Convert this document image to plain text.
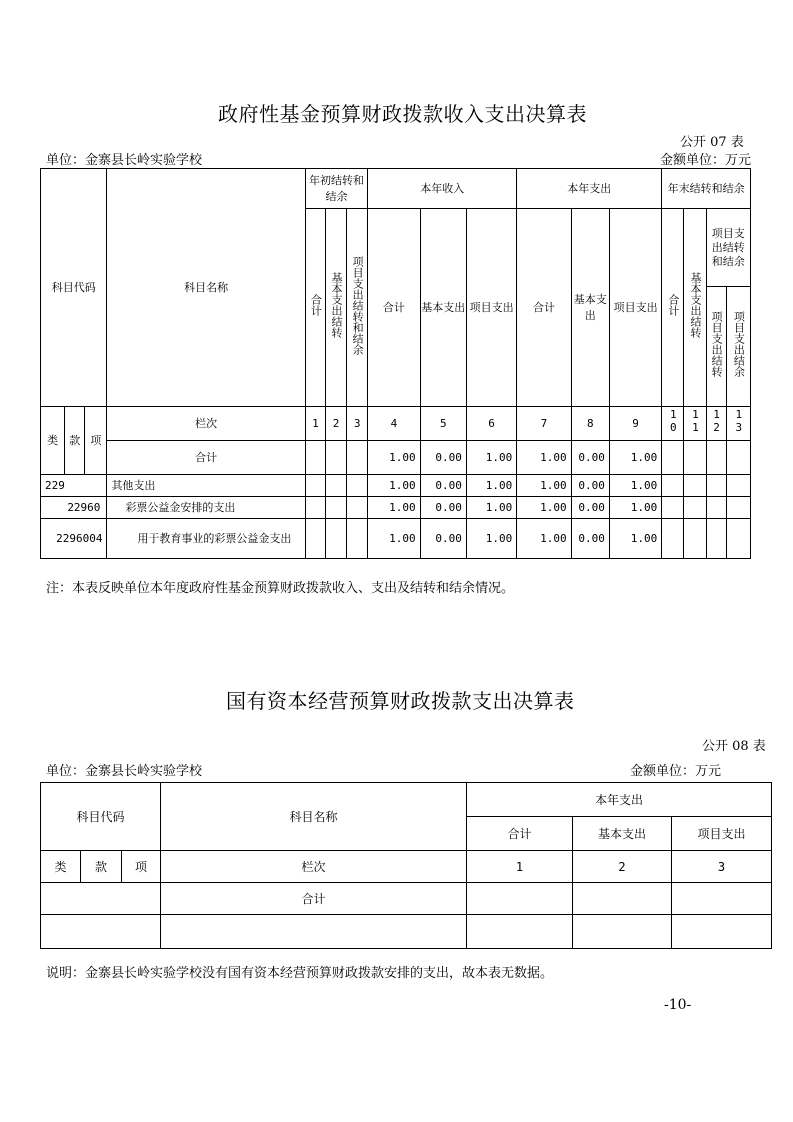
政府性基金预算财政拨款收入支出决算表
公开 07 表
单位：金寨县长岭实验学校	金额单位：万元
科目代码			科目名称	年初结转和结余			本年收入			本年支出			年末结转和结余			
				合计	基本支出结转	项目支出结转和结余	合计	基本支出	项目支出	合计	基本支出	项目支出	合计	基本支出结转	项目支出结转和结余	
															项目支出结转	项目支出结余
类	款	项	栏次	1	2	3	4	5	6	7	8	9	10	11	12	13
			合计				1.00	0.00	1.00	1.00	0.00	1.00				
229			其他支出				1.00	0.00	1.00	1.00	0.00	1.00				
22960			彩票公益金安排的支出				1.00	0.00	1.00	1.00	0.00	1.00				
2296004			用于教育事业的彩票公益金支出				1.00	0.00	1.00	1.00	0.00	1.00				
注：本表反映单位本年度政府性基金预算财政拨款收入、支出及结转和结余情况。
国有资本经营预算财政拨款支出决算表
公开 08 表
单位：金寨县长岭实验学校	金额单位：万元
科目代码			科目名称	本年支出		
				合计	基本支出	项目支出
类	款	项	栏次	1	2	3
			合计			

说明：金寨县长岭实验学校没有国有资本经营预算财政拨款安排的支出，故本表无数据。
-10-
